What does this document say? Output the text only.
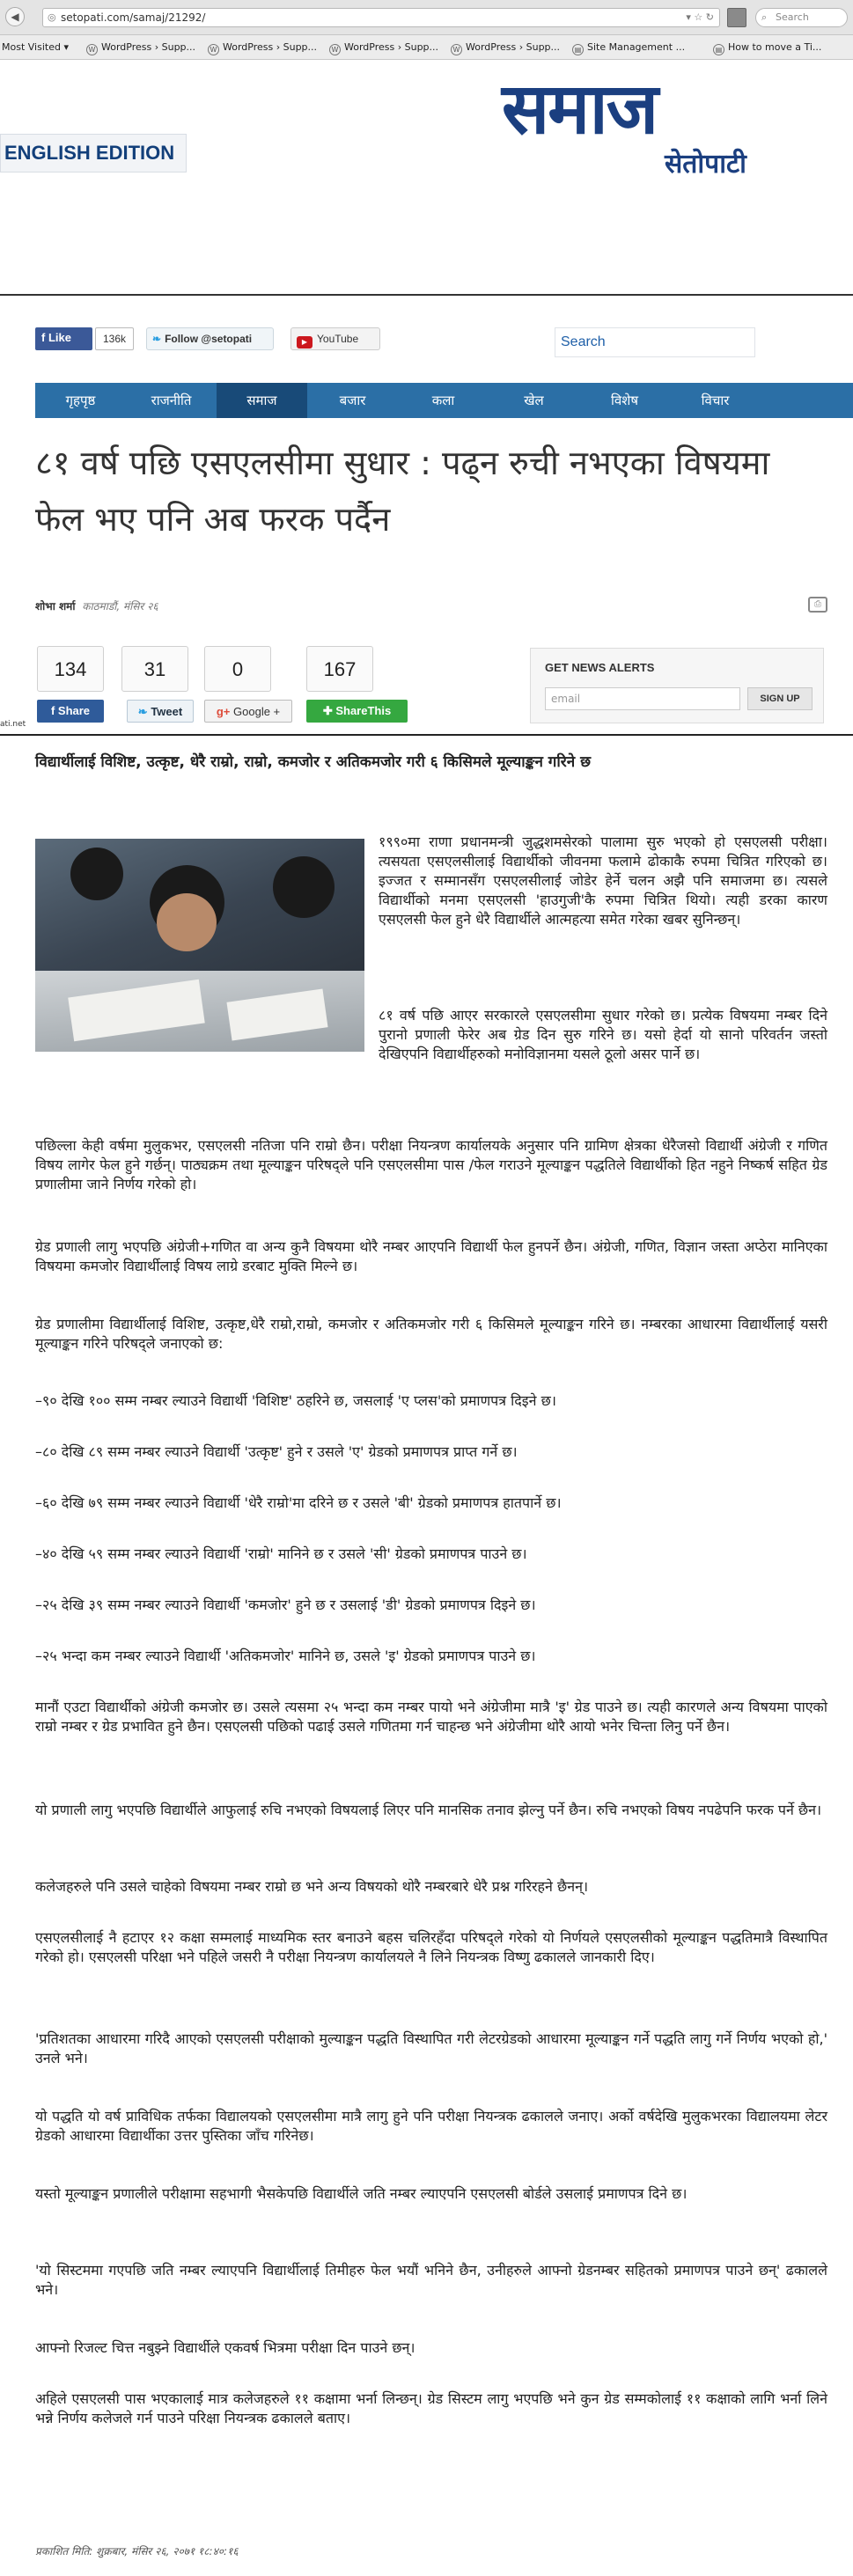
◀	◎ setopati.com/samaj/21292/	▾ ☆ ↻	⌕ Search
Most Visited ▾	W WordPress › Supp...	W WordPress › Supp...	W WordPress › Supp...	W WordPress › Supp...	▤ Site Management ...	▤ How to move a Ti...
ENGLISH EDITION
समाज
सेतोपाटी
f Like	136k	❧ Follow @setopati	▶ YouTube	Search
गृहपृष्ठ	राजनीति	समाज	बजार	कला	खेल	विशेष	विचार
८१ वर्ष पछि एसएलसीमा सुधार : पढ्न रुची नभएका विषयमा फेल भए पनि अब फरक पर्दैन
शोभा शर्मा काठमाडौं, मंसिर २६	⎙
134	31	0	167
f Share	❧ Tweet	g+ Google +	✚ ShareThis
GET NEWS ALERTS
email	SIGN UP
ati.net
विद्यार्थीलाई विशिष्ट, उत्कृष्ट, धेरै राम्रो, राम्रो, कमजोर र अतिकमजोर गरी ६ किसिमले मूल्याङ्कन गरिने छ
१९९०मा राणा प्रधानमन्त्री जुद्धशमसेरको पालामा सुरु भएको हो एसएलसी परीक्षा। त्यसयता एसएलसीलाई विद्यार्थीको जीवनमा फलामे ढोकाकै रुपमा चित्रित गरिएको छ। इज्जत र सम्मानसँग एसएलसीलाई जोडेर हेर्ने चलन अझै पनि समाजमा छ। त्यसले विद्यार्थीको मनमा एसएलसी 'हाउगुजी'कै रुपमा चित्रित थियो। त्यही डरका कारण एसएलसी फेल हुने धेरै विद्यार्थीले आत्महत्या समेत गरेका खबर सुनिन्छन्।
८१ वर्ष पछि आएर सरकारले एसएलसीमा सुधार गरेको छ। प्रत्येक विषयमा नम्बर दिने पुरानो प्रणाली फेरेर अब ग्रेड दिन सुरु गरिने छ। यसो हेर्दा यो सानो परिवर्तन जस्तो देखिएपनि विद्यार्थीहरुको मनोविज्ञानमा यसले ठूलो असर पार्ने छ।
पछिल्ला केही वर्षमा मुलुकभर, एसएलसी नतिजा पनि राम्रो छैन। परीक्षा नियन्त्रण कार्यालयके अनुसार पनि ग्रामिण क्षेत्रका धेरैजसो विद्यार्थी अंग्रेजी र गणित विषय लागेर फेल हुने गर्छन्। पाठ्यक्रम तथा मूल्याङ्कन परिषद्ले पनि एसएलसीमा पास /फेल गराउने मूल्याङ्कन पद्धतिले विद्यार्थीको हित नहुने निष्कर्ष सहित ग्रेड प्रणालीमा जाने निर्णय गरेको हो।
ग्रेड प्रणाली लागु भएपछि अंग्रेजी+गणित वा अन्य कुनै विषयमा थोरै नम्बर आएपनि विद्यार्थी फेल हुनपर्ने छैन। अंग्रेजी, गणित, विज्ञान जस्ता अप्ठेरा मानिएका विषयमा कमजोर विद्यार्थीलाई विषय लाग्रे डरबाट मुक्ति मिल्ने छ।
ग्रेड प्रणालीमा विद्यार्थीलाई विशिष्ट, उत्कृष्ट,धेरै राम्रो,राम्रो, कमजोर र अतिकमजोर गरी ६ किसिमले मूल्याङ्कन गरिने छ। नम्बरका आधारमा विद्यार्थीलाई यसरी मूल्याङ्कन गरिने परिषद्ले जनाएको छ:
–९० देखि १०० सम्म नम्बर ल्याउने विद्यार्थी 'विशिष्ट' ठहरिने छ, जसलाई 'ए प्लस'को प्रमाणपत्र दिइने छ।
–८० देखि ८९ सम्म नम्बर ल्याउने विद्यार्थी 'उत्कृष्ट' हुने र उसले 'ए' ग्रेडको प्रमाणपत्र प्राप्त गर्ने छ।
–६० देखि ७९ सम्म नम्बर ल्याउने विद्यार्थी 'धेरै राम्रो'मा दरिने छ र उसले 'बी' ग्रेडको प्रमाणपत्र हातपार्ने छ।
–४० देखि ५९ सम्म नम्बर ल्याउने विद्यार्थी 'राम्रो' मानिने छ र उसले 'सी' ग्रेडको प्रमाणपत्र पाउने छ।
–२५ देखि ३९ सम्म नम्बर ल्याउने विद्यार्थी 'कमजोर' हुने छ र उसलाई 'डी' ग्रेडको प्रमाणपत्र दिइने छ।
–२५ भन्दा कम नम्बर ल्याउने विद्यार्थी 'अतिकमजोर' मानिने छ, उसले 'इ' ग्रेडको प्रमाणपत्र पाउने छ।
मानौं एउटा विद्यार्थीको अंग्रेजी कमजोर छ। उसले त्यसमा २५ भन्दा कम नम्बर पायो भने अंग्रेजीमा मात्रै 'इ' ग्रेड पाउने छ। त्यही कारणले अन्य विषयमा पाएको राम्रो नम्बर र ग्रेड प्रभावित हुने छैन। एसएलसी पछिको पढाई उसले गणितमा गर्न चाहन्छ भने अंग्रेजीमा थोरै आयो भनेर चिन्ता लिनु पर्ने छैन।
यो प्रणाली लागु भएपछि विद्यार्थीले आफुलाई रुचि नभएको विषयलाई लिएर पनि मानसिक तनाव झेल्नु पर्ने छैन। रुचि नभएको विषय नपढेपनि फरक पर्ने छैन।
कलेजहरुले पनि उसले चाहेको विषयमा नम्बर राम्रो छ भने अन्य विषयको थोरै नम्बरबारे धेरै प्रश्न गरिरहने छैनन्।
एसएलसीलाई नै हटाएर १२ कक्षा सम्मलाई माध्यमिक स्तर बनाउने बहस चलिरहँदा परिषद्ले गरेको यो निर्णयले एसएलसीको मूल्याङ्कन पद्धतिमात्रै विस्थापित गरेको हो। एसएलसी परिक्षा भने पहिले जसरी नै परीक्षा नियन्त्रण कार्यालयले नै लिने नियन्त्रक विष्णु ढकालले जानकारी दिए।
'प्रतिशतका आधारमा गरिदै आएको एसएलसी परीक्षाको मुल्याङ्कन पद्धति विस्थापित गरी लेटरग्रेडको आधारमा मूल्याङ्कन गर्ने पद्धति लागु गर्ने निर्णय भएको हो,' उनले भने।
यो पद्धति यो वर्ष प्राविधिक तर्फका विद्यालयको एसएलसीमा मात्रै लागु हुने पनि परीक्षा नियन्त्रक ढकालले जनाए। अर्को वर्षदेखि मुलुकभरका विद्यालयमा लेटर ग्रेडको आधारमा विद्यार्थीका उत्तर पुस्तिका जाँच गरिनेछ।
यस्तो मूल्याङ्कन प्रणालीले परीक्षामा सहभागी भैसकेपछि विद्यार्थीले जति नम्बर ल्याएपनि एसएलसी बोर्डले उसलाई प्रमाणपत्र दिने छ।
'यो सिस्टममा गएपछि जति नम्बर ल्याएपनि विद्यार्थीलाई तिमीहरु फेल भयौं भनिने छैन, उनीहरुले आफ्नो ग्रेडनम्बर सहितको प्रमाणपत्र पाउने छन्' ढकालले भने।
आफ्नो रिजल्ट चित्त नबुझ्ने विद्यार्थीले एकवर्ष भित्रमा परीक्षा दिन पाउने छन्।
अहिले एसएलसी पास भएकालाई मात्र कलेजहरुले ११ कक्षामा भर्ना लिन्छन्। ग्रेड सिस्टम लागु भएपछि भने कुन ग्रेड सम्मकोलाई ११ कक्षाको लागि भर्ना लिने भन्ने निर्णय कलेजले गर्न पाउने परिक्षा नियन्त्रक ढकालले बताए।
प्रकाशित मिति: शुक्रबार, मंसिर २६, २०७१ १८:४०:१६
